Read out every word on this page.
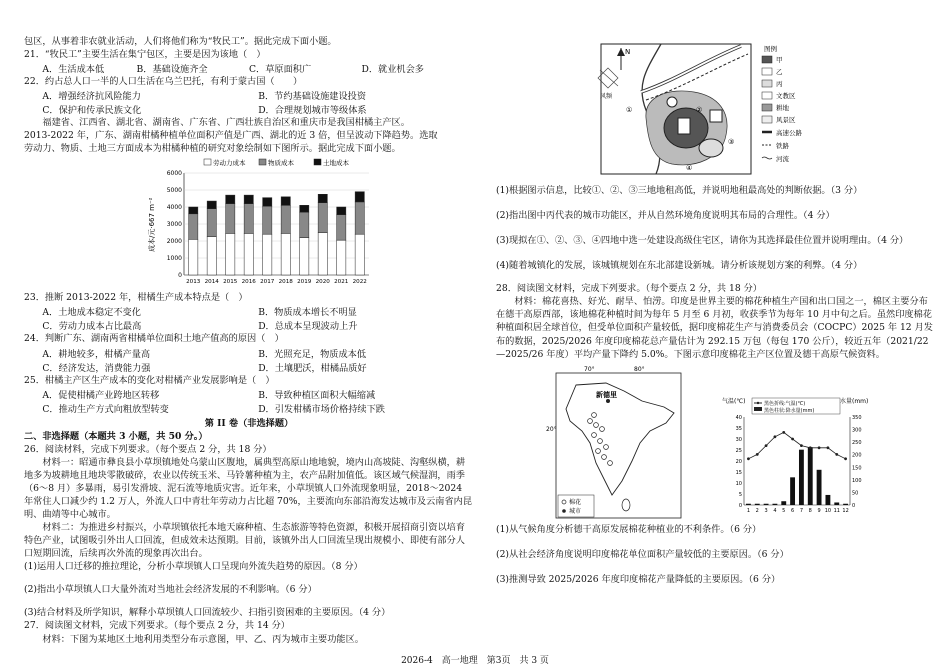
包区，从事着非农就业活动，人们将他们称为“牧民工”。据此完成下面小题。

21．“牧民工”主要生活在集宁包区，主要是因为该地（　）

A．生活成本低	B．基础设施齐全	C．草原面积广	D．就业机会多

22．约占总人口一半的人口生活在乌兰巴托，有利于蒙古国（　　）

A．增强经济抗风险能力	B．节约基础设施建设投资
C．保护和传承民族文化	D．合理规划城市等级体系

福建省、江西省、湖北省、湖南省、广东省、广西壮族自治区和重庆市是我国柑橘主产区。

2013-2022 年，广东、湖南柑橘种植单位面积产值是广西、湖北的近 3 倍，但呈波动下降趋势。选取

劳动力、物质、土地三方面成本为柑橘种植的研究对象绘制如下图所示。据此完成下面小题。

劳动力成本	物质成本	土地成本
0
1000
2000
3000
4000
5000
6000
2013 2014 2015 2016 2017 2018 2019 2020 2021 2022
成本/元·667 m⁻²

23．推断 2013-2022 年，柑橘生产成本特点是（　）

A．土地成本稳定不变化	B．物质成本增长不明显
C．劳动力成本占比最高	D．总成本呈现波动上升

24．判断广东、湖南两省柑橘单位面积土地产值高的原因（　）

A．耕地较多，柑橘产量高	B．光照充足，物质成本低
C．经济发达，消费能力强	D．土壤肥沃，柑橘品质好

25．柑橘主产区生产成本的变化对柑橘产业发展影响是（　）

A．促使柑橘产业跨地区转移	B．导致种植区面积大幅缩减
C．推动生产方式向粗放型转变	D．引发柑橘市场价格持续下跌

第 II 卷（非选择题）

二、非选择题（本题共 3 小题，共 50 分。）

26．阅读材料，完成下列要求。（每个要点 2 分，共 18 分）

材料一：昭通市彝良县小草坝镇地处乌蒙山区腹地，属典型高原山地地貌，境内山高坡陡、沟壑纵横，耕地多为坡耕地且地块零散破碎，农业以传统玉米、马铃薯种植为主，农产品附加值低。该区域气候湿润，雨季（6～8 月）多暴雨，易引发滑坡、泥石流等地质灾害。近年来，小草坝镇人口外流现象明显，2018～2024 年常住人口减少约 1.2 万人，外流人口中青壮年劳动力占比超 70%，主要流向东部沿海发达城市及云南省内昆明、曲靖等中心城市。

材料二：为推进乡村振兴，小草坝镇依托本地天麻种植、生态旅游等特色资源，积极开展招商引资以培育特色产业，试图吸引外出人口回流，但成效未达预期。目前，该镇外出人口回流呈现出规模小、即使有部分人口短期回流，后续再次外流的现象再次出台。

(1)运用人口迁移的推拉理论，分析小草坝镇人口呈现向外流失趋势的原因。（8 分）

(2)指出小草坝镇人口大量外流对当地社会经济发展的不利影响。（6 分）

(3)结合材料及所学知识，解释小草坝镇人口回流较少、扫指引资困难的主要原因。（4 分）

27．阅读图文材料，完成下列要求。（每个要点 2 分，共 14 分）

材料：下图为某地区土地利用类型分布示意图，甲、乙、丙为城市主要功能区。

N
风频
①	②
③
④
图例
甲
乙
丙
文教区
耕地
风景区
高速公路
铁路
河流

(1)根据图示信息，比较①、②、③三地地租高低，并说明地租最高处的判断依据。（3 分）

(2)指出图中丙代表的城市功能区，并从自然环境角度说明其布局的合理性。（4 分）

(3)现拟在①、②、③、④四地中选一处建设高级住宅区，请你为其选择最佳位置并说明理由。（4 分）

(4)随着城镇化的发展，该城镇规划在东北部建设新城。请分析该规划方案的利弊。（4 分）

28．阅读图文材料，完成下列要求。（每个要点 2 分，共 18 分）

材料：棉花喜热、好光、耐旱、怕涝。印度是世界主要的棉花种植生产国和出口国之一，棉区主要分布在德干高原西部，该地棉花种植时间为每年 5 月至 6 月初，收获季节为每年 10 月中旬之后。虽然印度棉花种植面积居全球首位，但受单位面积产量较低，据印度棉花生产与消费委员会（COCPC）2025 年 12 月发布的数据，2025/2026 年度印度棉花总产量估计为 292.15 万包（每包 170 公斤），较近五年（2021/22—2025/26 年度）平均产量下降约 5.0%。下图示意印度棉花主产区位置及德干高原气候资料。

70°	80°
20°
新德里
棉花
城市
0
5
10
15
20
25
30
35
40
0
50
100
150
200
250
300
350
1 2 3 4 5 6 7 8 9 10 11 12
气温(℃)	水量(mm)
黑色折线:气温(℃)
黑色柱状:降水量(mm)

(1)从气候角度分析德干高原发展棉花种植业的不利条件。（6 分）

(2)从社会经济角度说明印度棉花单位面积产量较低的主要原因。（6 分）

(3)推测导致 2025/2026 年度印度棉花产量降低的主要原因。（6 分）

2026-4　高一地理　第3页　共 3 页
